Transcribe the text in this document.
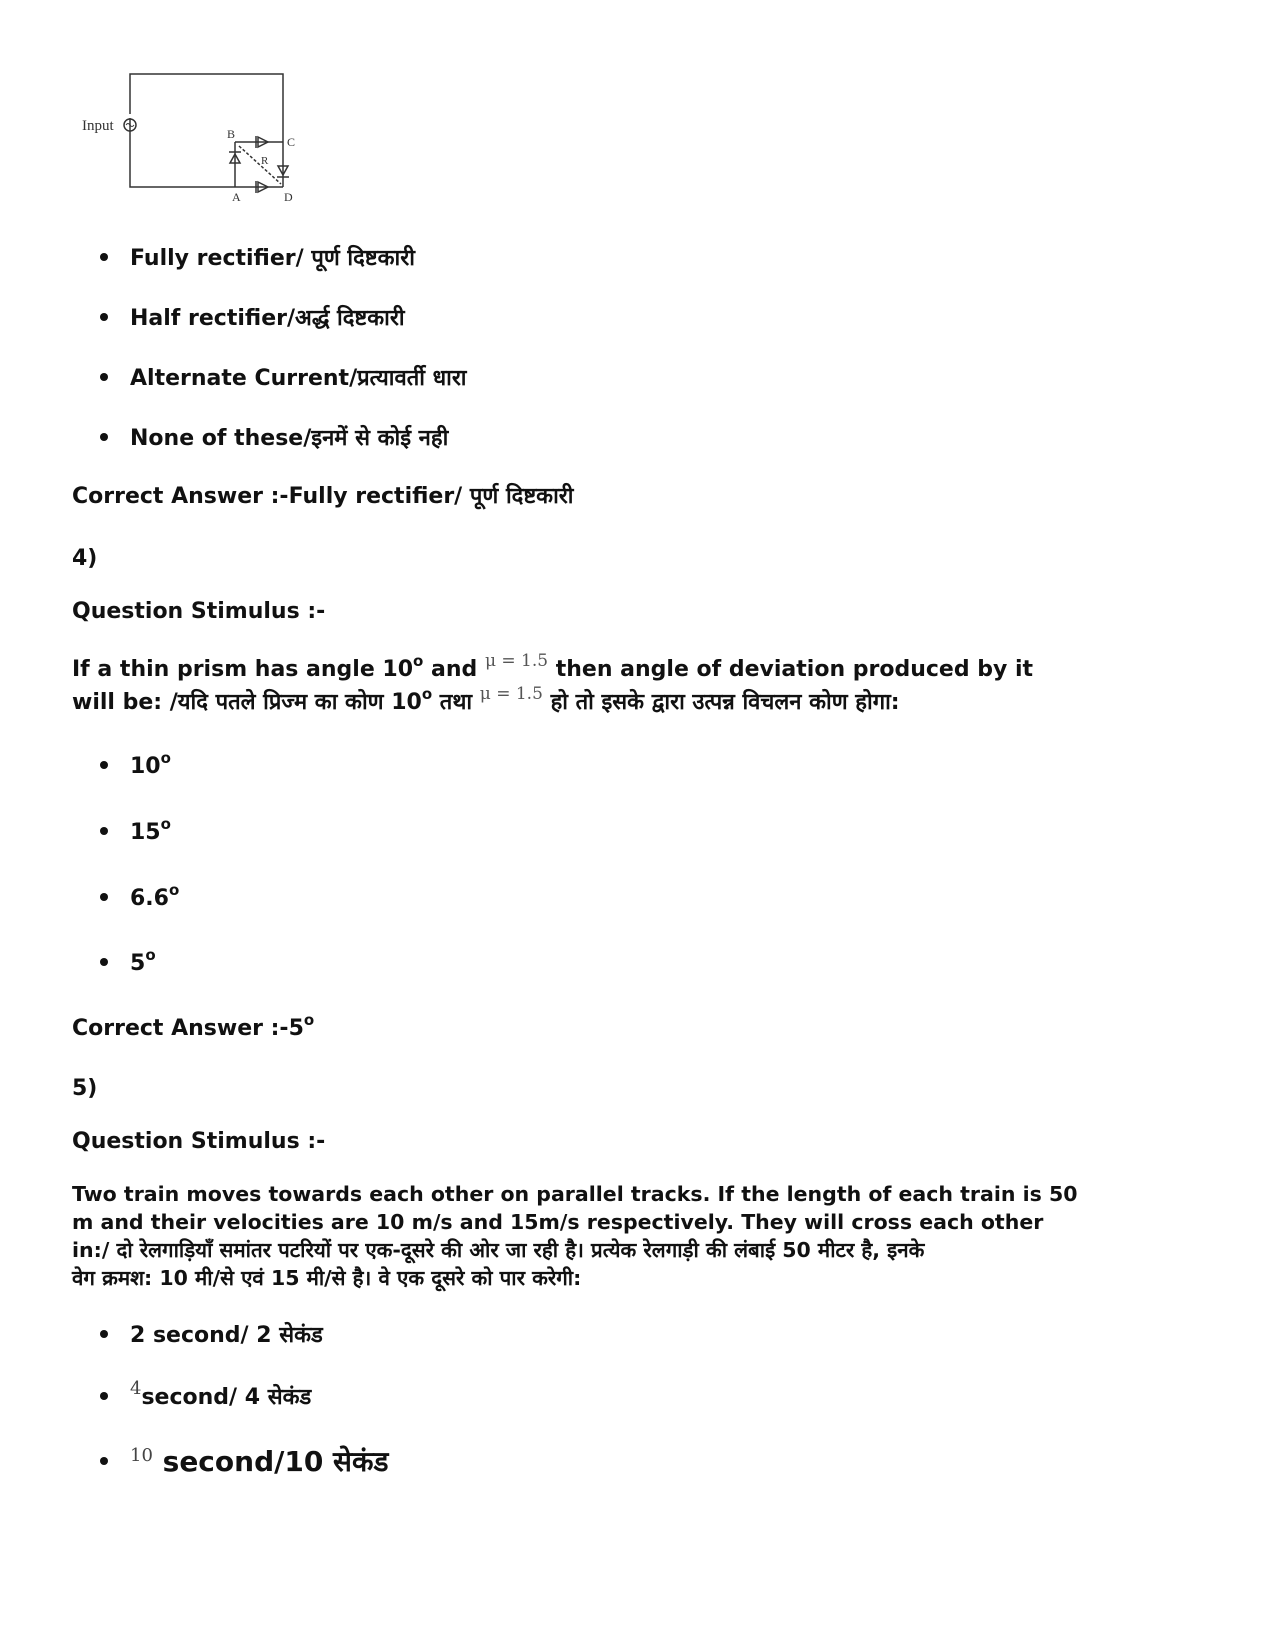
Input	B
C
A	D
R
Fully rectifier/ पूर्ण दिष्टकारी
Half rectifier/अर्द्ध दिष्टकारी
Alternate Current/प्रत्यावर्ती धारा
None of these/इनमें से कोई नही
Correct Answer :-Fully rectifier/ पूर्ण दिष्टकारी
4)
Question Stimulus :-
If a thin prism has angle 10$^o$ and $^{\mu = 1.5}$ then angle of deviation produced by it
will be: /यदि पतले प्रिज्म का कोण 10$^o$ तथा $^{\mu = 1.5}$ हो तो इसके द्वारा उत्पन्न विचलन कोण होगा:
10$^o$
15$^o$
6.6$^o$
5$^o$
Correct Answer :-5$^o$
5)
Question Stimulus :-
Two train moves towards each other on parallel tracks. If the length of each train is 50
m and their velocities are 10 m/s and 15m/s respectively. They will cross each other
in:/ दो रेलगाड़ियाँ समांतर पटरियों पर एक-दूसरे की ओर जा रही है। प्रत्येक रेलगाड़ी की लंबाई 50 मीटर है, इनके
वेग क्रमश: 10 मी/से एवं 15 मी/से है। वे एक दूसरे को पार करेगी:
2 second/ 2 सेकंड
$^4$second/ 4 सेकंड
$^{10}$ second/10 सेकंड
